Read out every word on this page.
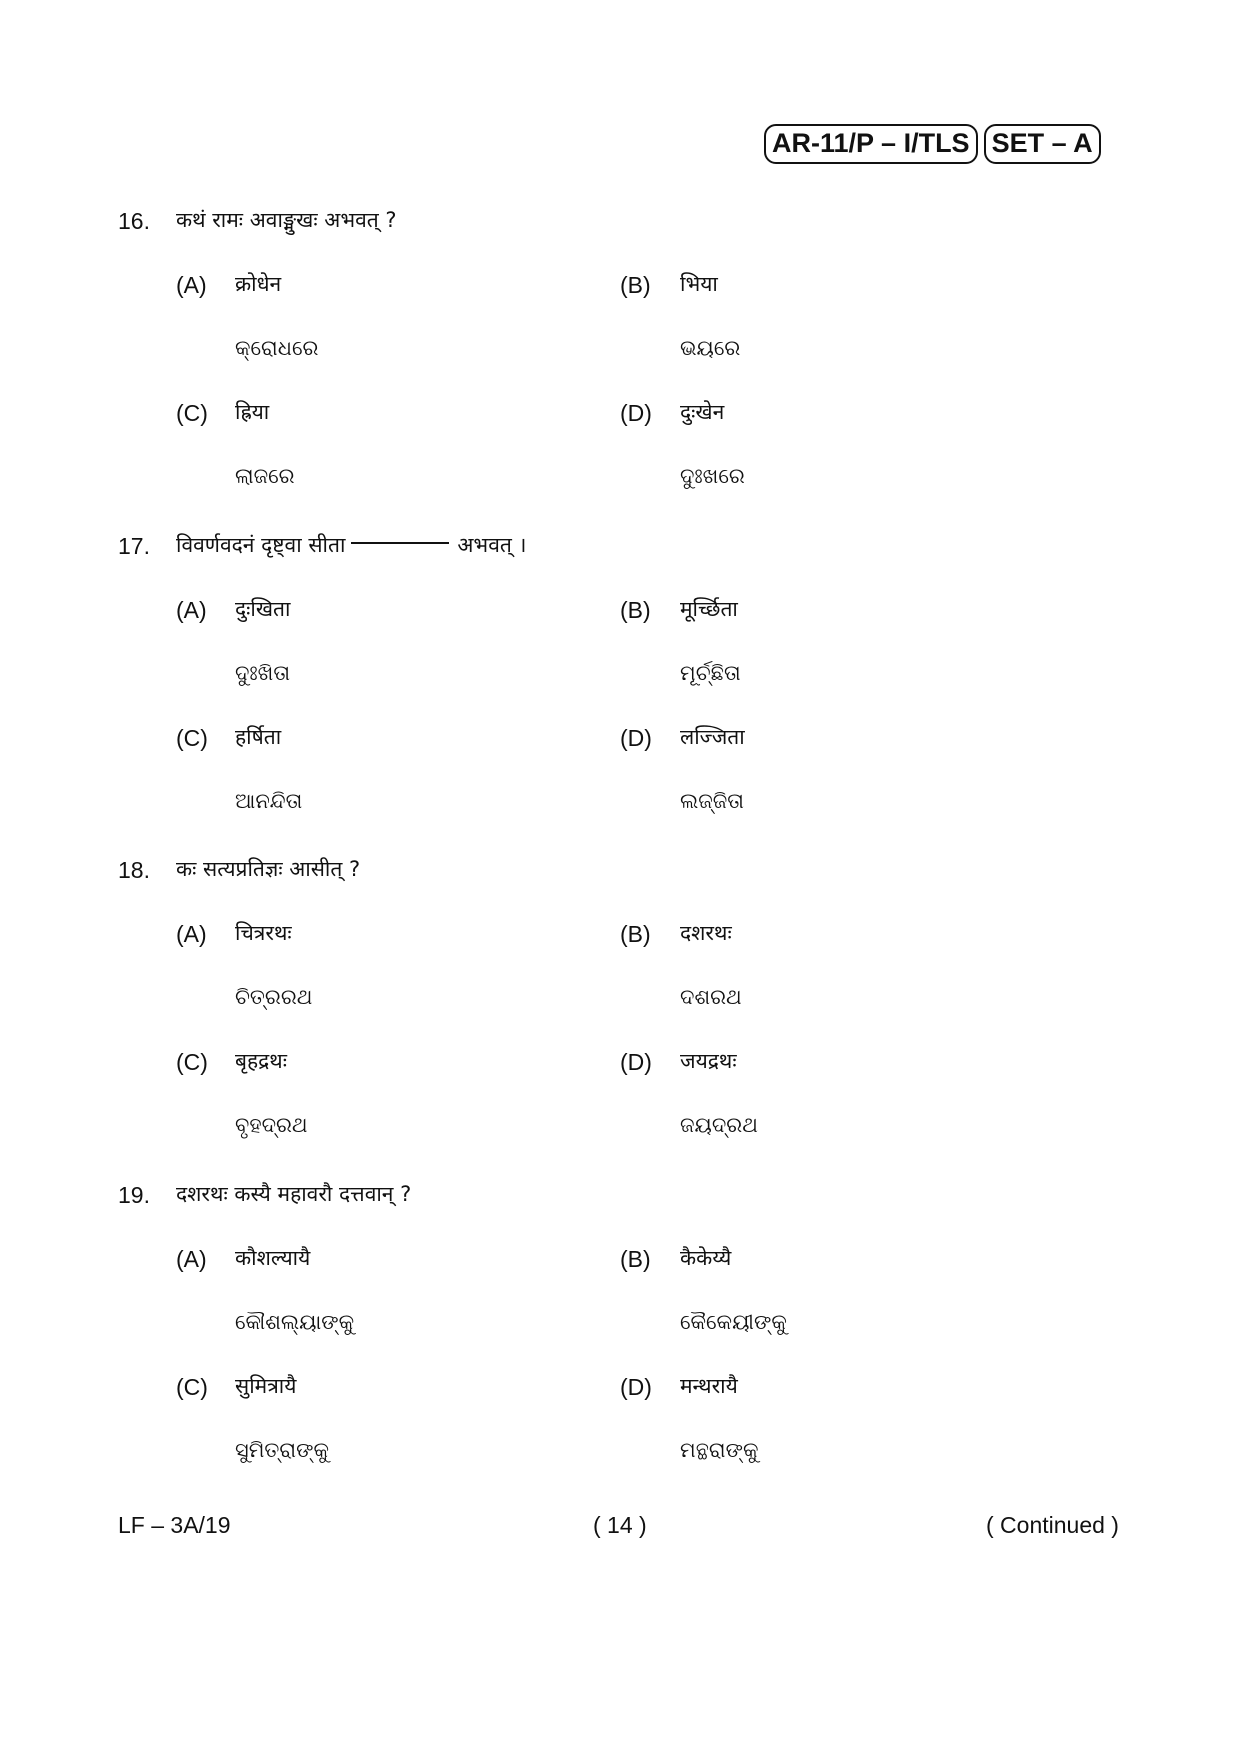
AR-11/P – I/TLS SET – A
16. कथं रामः अवाङ्मुखः अभवत् ?
(A) क्रोधेन
କ୍ରୋଧରେ
(B) भिया
ଭୟରେ
(C) ह्रिया
ଲାଜରେ
(D) दुःखेन
ଦୁଃଖରେ
17. विवर्णवदनं दृष्ट्वा सीता	अभवत् ।
(A) दुःखिता
ଦୁଃଖିତା
(B) मूर्च्छिता
ମୂର୍ଚ୍ଛିତା
(C) हर्षिता
ଆନନ୍ଦିତା
(D) लज्जिता
ଲଜ୍ଜିତା
18. कः सत्यप्रतिज्ञः आसीत् ?
(A) चित्ररथः
ଚିତ୍ରରଥ
(B) दशरथः
ଦଶରଥ
(C) बृहद्रथः
ବୃହଦ୍ରଥ
(D) जयद्रथः
ଜୟଦ୍ରଥ
19. दशरथः कस्यै महावरौ दत्तवान् ?
(A) कौशल्यायै
କୌଶଲ୍ୟାଙ୍କୁ
(B) कैकेय्यै
କୈକେୟୀଙ୍କୁ
(C) सुमित्रायै
ସୁମିତ୍ରାଙ୍କୁ
(D) मन्थरायै
ମନ୍ଥରାଙ୍କୁ
LF – 3A/19	( 14 )	( Continued )
